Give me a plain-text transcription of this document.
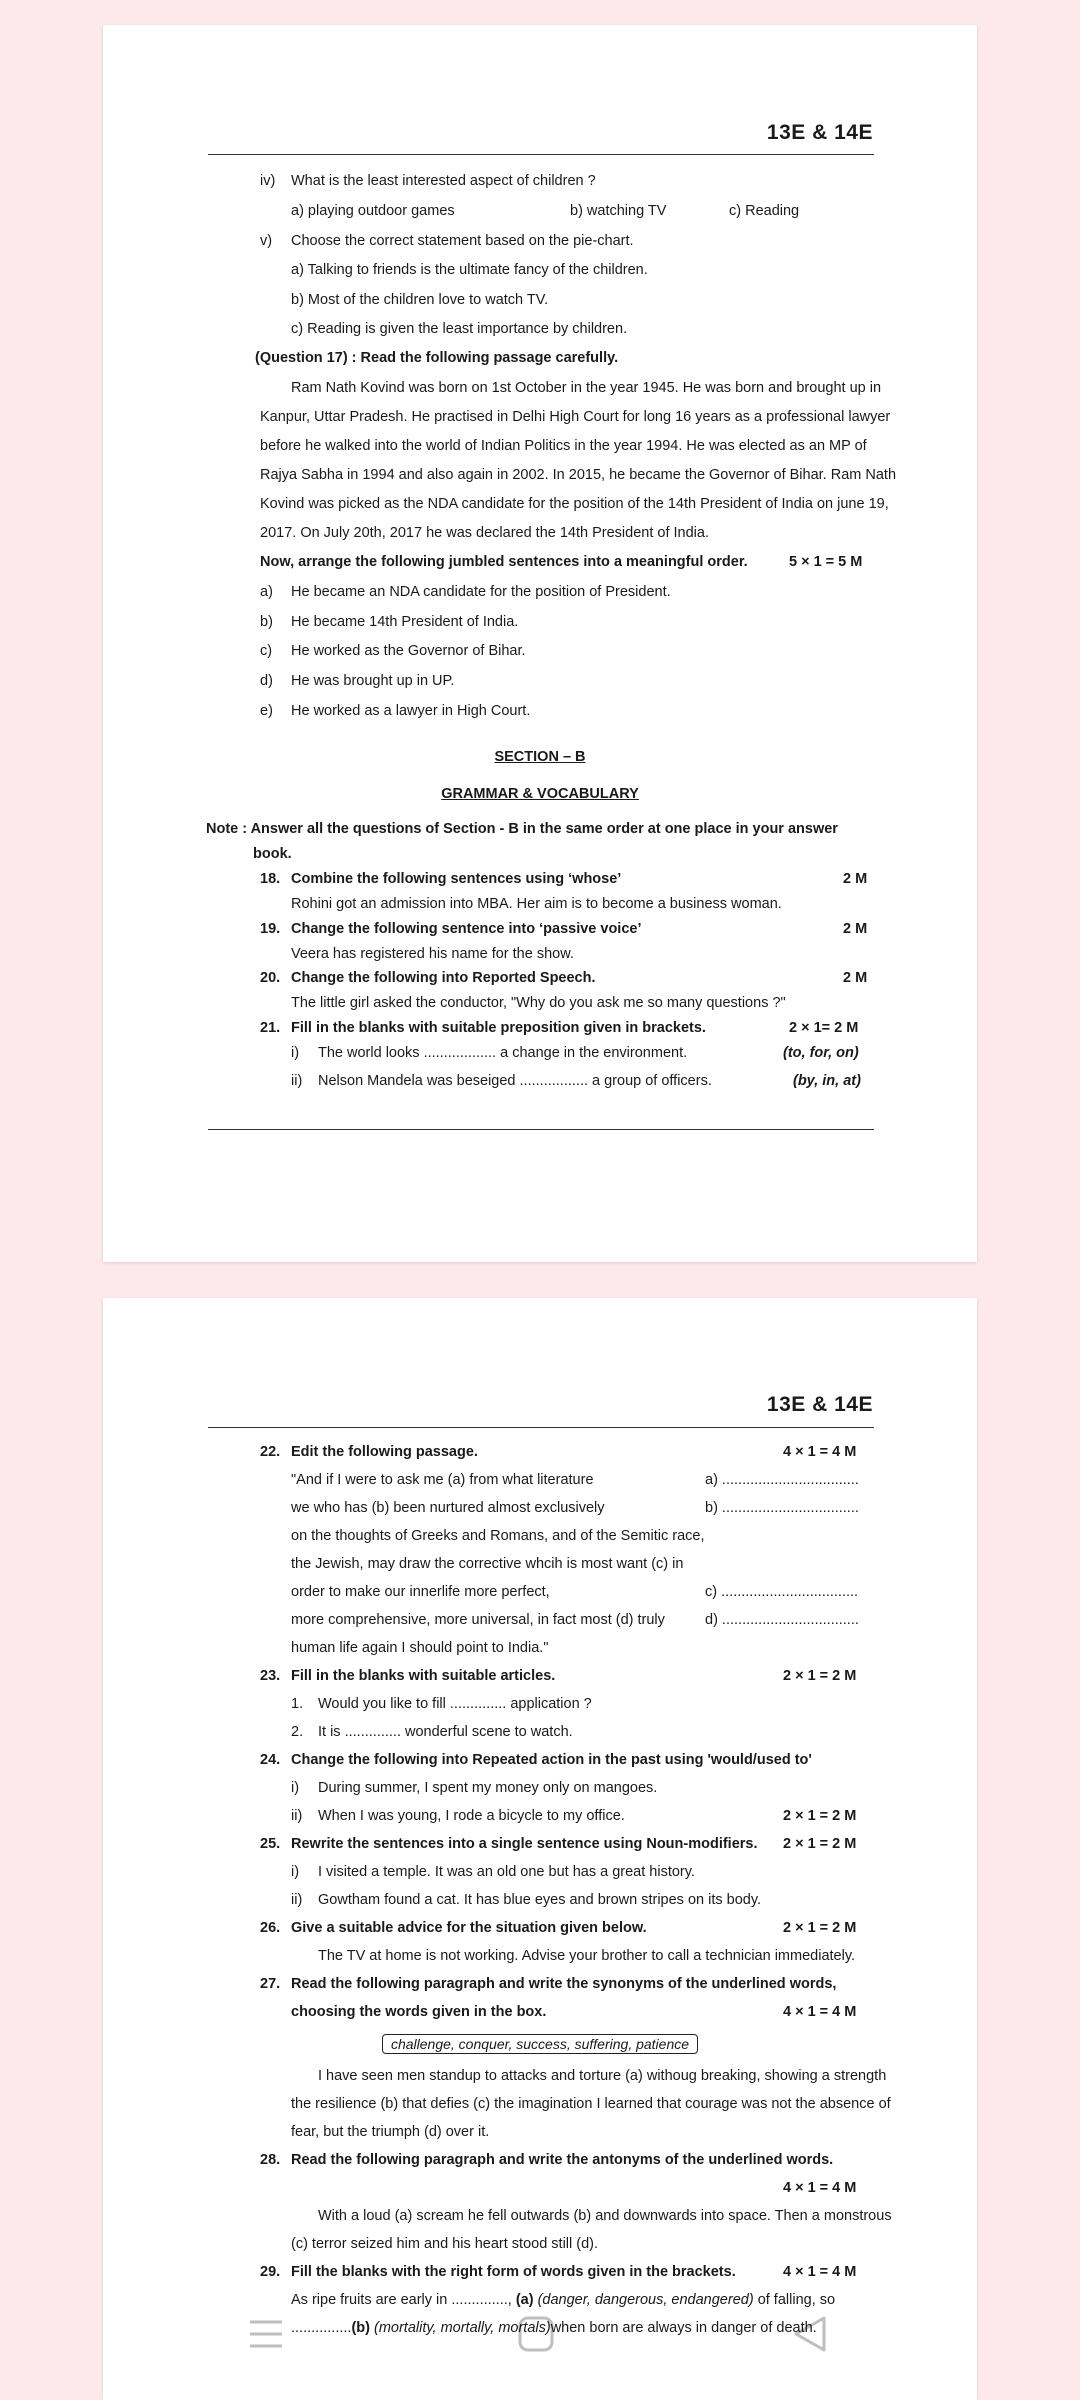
13E & 14E
iv) What is the least interested aspect of children ?
a) playing outdoor games	b) watching TV	c) Reading
v) Choose the correct statement based on the pie-chart.
a) Talking to friends is the ultimate fancy of the children.
b) Most of the children love to watch TV.
c) Reading is given the least importance by children.
(Question 17) : Read the following passage carefully.
Ram Nath Kovind was born on 1st October in the year 1945. He was born and brought up in
Kanpur, Uttar Pradesh. He practised in Delhi High Court for long 16 years as a professional lawyer
before he walked into the world of Indian Politics in the year 1994. He was elected as an MP of
Rajya Sabha in 1994 and also again in 2002. In 2015, he became the Governor of Bihar. Ram Nath
Kovind was picked as the NDA candidate for the position of the 14th President of India on june 19,
2017. On July 20th, 2017 he was declared the 14th President of India.
Now, arrange the following jumbled sentences into a meaningful order.	5 × 1 = 5 M
a) He became an NDA candidate for the position of President.
b) He became 14th President of India.
c) He worked as the Governor of Bihar.
d) He was brought up in UP.
e) He worked as a lawyer in High Court.
SECTION – B
GRAMMAR & VOCABULARY
Note : Answer all the questions of Section - B in the same order at one place in your answer
book.
18. Combine the following sentences using ‘whose’	2 M
Rohini got an admission into MBA. Her aim is to become a business woman.
19. Change the following sentence into ‘passive voice’	2 M
Veera has registered his name for the show.
20. Change the following into Reported Speech.	2 M
The little girl asked the conductor, "Why do you ask me so many questions ?"
21. Fill in the blanks with suitable preposition given in brackets.	2 × 1= 2 M
i) The world looks .................. a change in the environment.	(to, for, on)
ii) Nelson Mandela was beseiged ................. a group of officers.	(by, in, at)
13E & 14E
22. Edit the following passage.	4 × 1 = 4 M
"And if I were to ask me (a) from what literature
we who has (b) been nurtured almost exclusively
on the thoughts of Greeks and Romans, and of the Semitic race,
the Jewish, may draw the corrective whcih is most want (c) in
order to make our innerlife more perfect,
more comprehensive, more universal, in fact most (d) truly
human life again I should point to India."
a) ..................................
b) ..................................
c) ..................................
d) ..................................
23. Fill in the blanks with suitable articles.	2 × 1 = 2 M
1. Would you like to fill .............. application ?
2. It is .............. wonderful scene to watch.
24. Change the following into Repeated action in the past using 'would/used to'
i) During summer, I spent my money only on mangoes.
ii) When I was young, I rode a bicycle to my office.	2 × 1 = 2 M
25. Rewrite the sentences into a single sentence using Noun-modifiers. 2 × 1 = 2 M
i) I visited a temple. It was an old one but has a great history.
ii) Gowtham found a cat. It has blue eyes and brown stripes on its body.
26. Give a suitable advice for the situation given below.	2 × 1 = 2 M
The TV at home is not working. Advise your brother to call a technician immediately.
27. Read the following paragraph and write the synonyms of the underlined words,
choosing the words given in the box.	4 × 1 = 4 M
challenge, conquer, success, suffering, patience
I have seen men standup to attacks and torture (a) withoug breaking, showing a strength
the resilience (b) that defies (c) the imagination I learned that courage was not the absence of
fear, but the triumph (d) over it.
28. Read the following paragraph and write the antonyms of the underlined words.
4 × 1 = 4 M
With a loud (a) scream he fell outwards (b) and downwards into space. Then a monstrous
(c) terror seized him and his heart stood still (d).
29. Fill the blanks with the right form of words given in the brackets.	4 × 1 = 4 M
As ripe fruits are early in .............., (a) (danger, dangerous, endangered) of falling, so
...............(b) (mortality, mortally, mortals)when born are always in danger of death.
